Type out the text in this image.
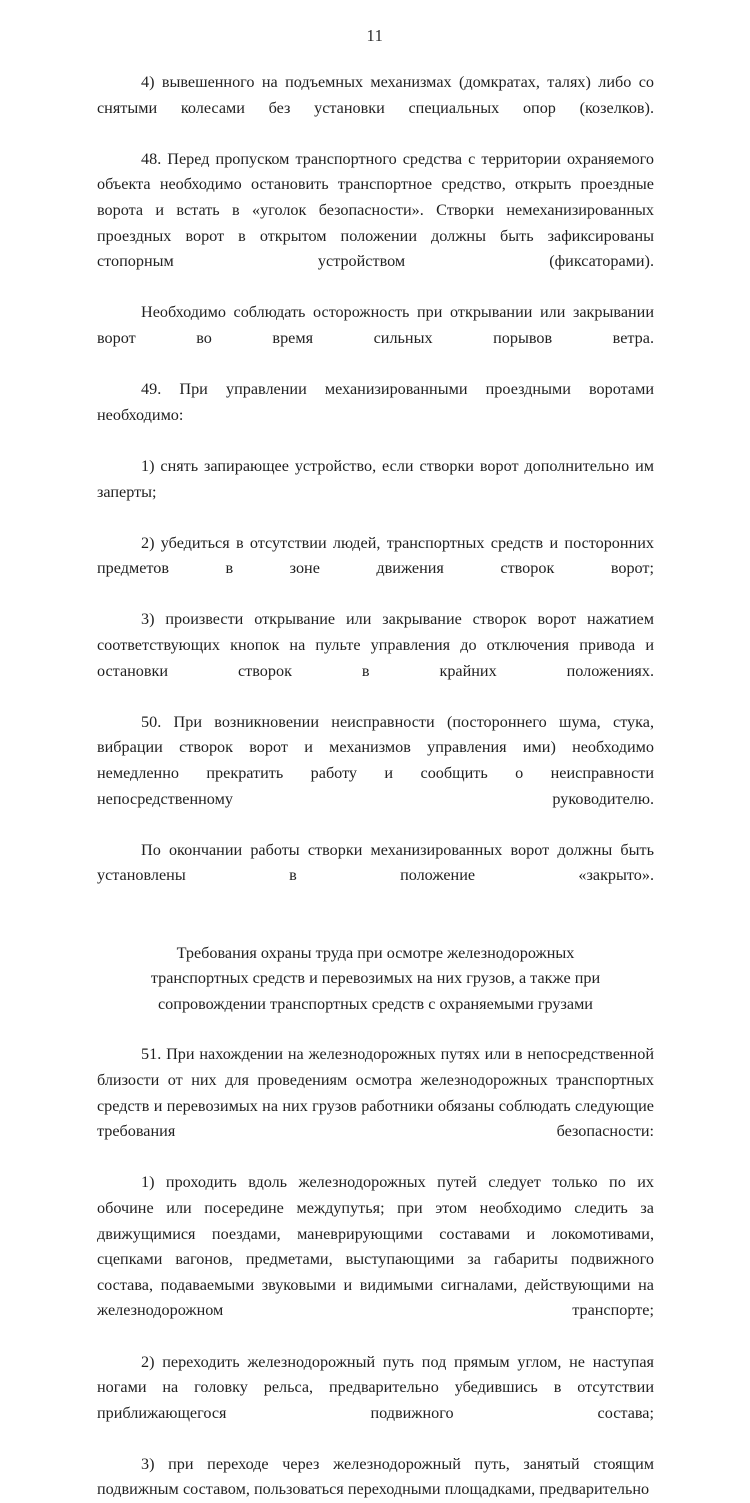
11

4) вывешенного на подъемных механизмах (домкратах, талях) либо со снятыми колесами без установки специальных опор (козелков).

48. Перед пропуском транспортного средства с территории охраняемого объекта необходимо остановить транспортное средство, открыть проездные ворота и встать в «уголок безопасности». Створки немеханизированных проездных ворот в открытом положении должны быть зафиксированы стопорным устройством (фиксаторами).

Необходимо соблюдать осторожность при открывании или закрывании ворот во время сильных порывов ветра.

49. При управлении механизированными проездными воротами необходимо:

1) снять запирающее устройство, если створки ворот дополнительно им заперты;

2) убедиться в отсутствии людей, транспортных средств и посторонних предметов в зоне движения створок ворот;

3) произвести открывание или закрывание створок ворот нажатием соответствующих кнопок на пульте управления до отключения привода и остановки створок в крайних положениях.

50. При возникновении неисправности (постороннего шума, стука, вибрации створок ворот и механизмов управления ими) необходимо немедленно прекратить работу и сообщить о неисправности непосредственному руководителю.

По окончании работы створки механизированных ворот должны быть установлены в положение «закрыто».

Требования охраны труда при осмотре железнодорожных
транспортных средств и перевозимых на них грузов, а также при
сопровождении транспортных средств с охраняемыми грузами

51. При нахождении на железнодорожных путях или в непосредственной близости от них для проведениям осмотра железнодорожных транспортных средств и перевозимых на них грузов работники обязаны соблюдать следующие требования безопасности:

1) проходить вдоль железнодорожных путей следует только по их обочине или посередине междупутья; при этом необходимо следить за движущимися поездами, маневрирующими составами и локомотивами, сцепками вагонов, предметами, выступающими за габариты подвижного состава, подаваемыми звуковыми и видимыми сигналами, действующими на железнодорожном транспорте;

2) переходить железнодорожный путь под прямым углом, не наступая ногами на головку рельса, предварительно убедившись в отсутствии приближающегося подвижного состава;

3) при переходе через железнодорожный путь, занятый стоящим подвижным составом, пользоваться переходными площадками, предварительно
